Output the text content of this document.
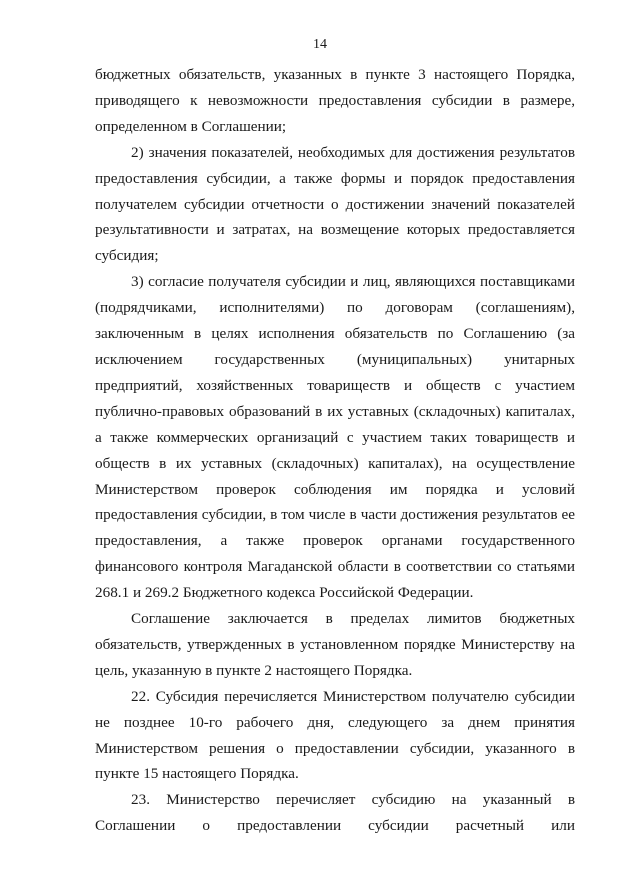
14

бюджетных обязательств, указанных в пункте 3 настоящего Порядка, приводящего к невозможности предоставления субсидии в размере, определенном в Соглашении;

2) значения показателей, необходимых для достижения результатов предоставления субсидии, а также формы и порядок предоставления получателем субсидии отчетности о достижении значений показателей результативности и затратах, на возмещение которых предоставляется субсидия;

3) согласие получателя субсидии и лиц, являющихся поставщиками (подрядчиками, исполнителями) по договорам (соглашениям), заключенным в целях исполнения обязательств по Соглашению (за исключением государственных (муниципальных) унитарных предприятий, хозяйственных товариществ и обществ с участием публично-правовых образований в их уставных (складочных) капиталах, а также коммерческих организаций с участием таких товариществ и обществ в их уставных (складочных) капиталах), на осуществление Министерством проверок соблюдения им порядка и условий предоставления субсидии, в том числе в части достижения результатов ее предоставления, а также проверок органами государственного финансового контроля Магаданской области в соответствии со статьями 268.1 и 269.2 Бюджетного кодекса Российской Федерации.

Соглашение заключается в пределах лимитов бюджетных обязательств, утвержденных в установленном порядке Министерству на цель, указанную в пункте 2 настоящего Порядка.

22. Субсидия перечисляется Министерством получателю субсидии не позднее 10-го рабочего дня, следующего за днем принятия Министерством решения о предоставлении субсидии, указанного в пункте 15 настоящего Порядка.

23. Министерство перечисляет субсидию на указанный в Соглашении о предоставлении субсидии расчетный или
